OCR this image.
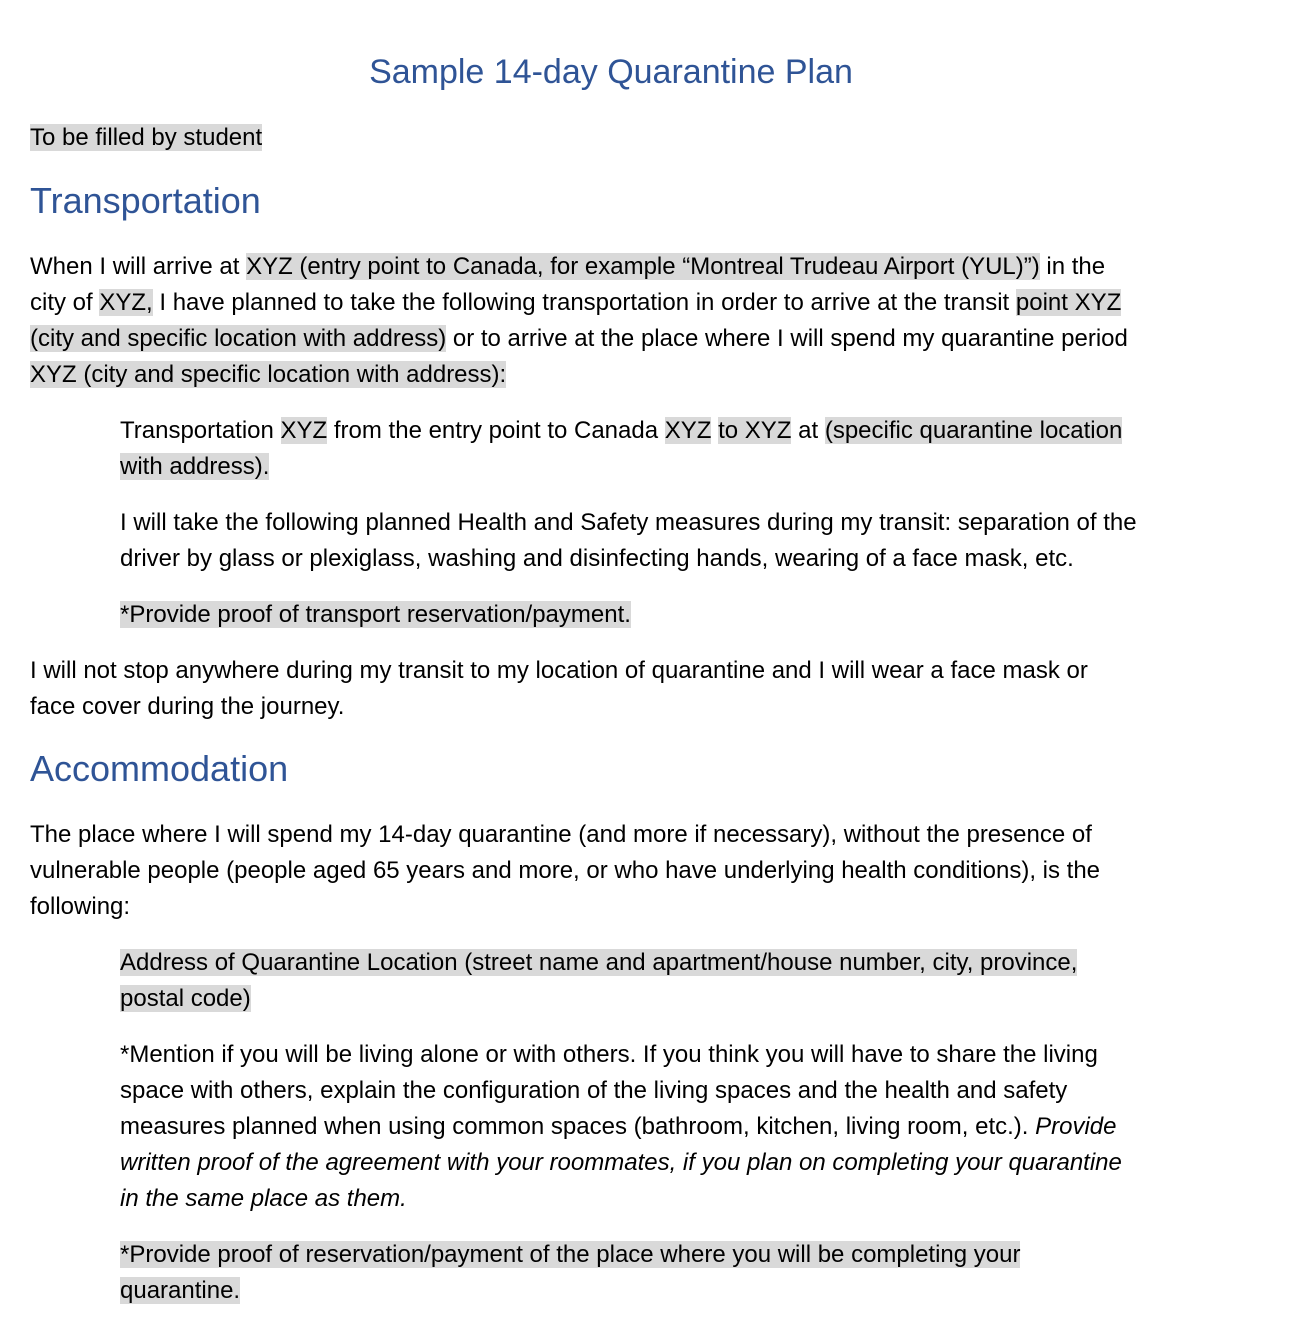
Sample 14-day Quarantine Plan
To be filled by student
Transportation
When I will arrive at XYZ (entry point to Canada, for example “Montreal Trudeau Airport (YUL)”) in the
city of XYZ, I have planned to take the following transportation in order to arrive at the transit point XYZ
(city and specific location with address) or to arrive at the place where I will spend my quarantine period
XYZ (city and specific location with address):
Transportation XYZ from the entry point to Canada XYZ to XYZ at (specific quarantine location
with address).
I will take the following planned Health and Safety measures during my transit: separation of the
driver by glass or plexiglass, washing and disinfecting hands, wearing of a face mask, etc.
*Provide proof of transport reservation/payment.
I will not stop anywhere during my transit to my location of quarantine and I will wear a face mask or
face cover during the journey.
Accommodation
The place where I will spend my 14-day quarantine (and more if necessary), without the presence of
vulnerable people (people aged 65 years and more, or who have underlying health conditions), is the
following:
Address of Quarantine Location (street name and apartment/house number, city, province,
postal code)
*Mention if you will be living alone or with others. If you think you will have to share the living
space with others, explain the configuration of the living spaces and the health and safety
measures planned when using common spaces (bathroom, kitchen, living room, etc.). Provide
written proof of the agreement with your roommates, if you plan on completing your quarantine
in the same place as them.
*Provide proof of reservation/payment of the place where you will be completing your
quarantine.
